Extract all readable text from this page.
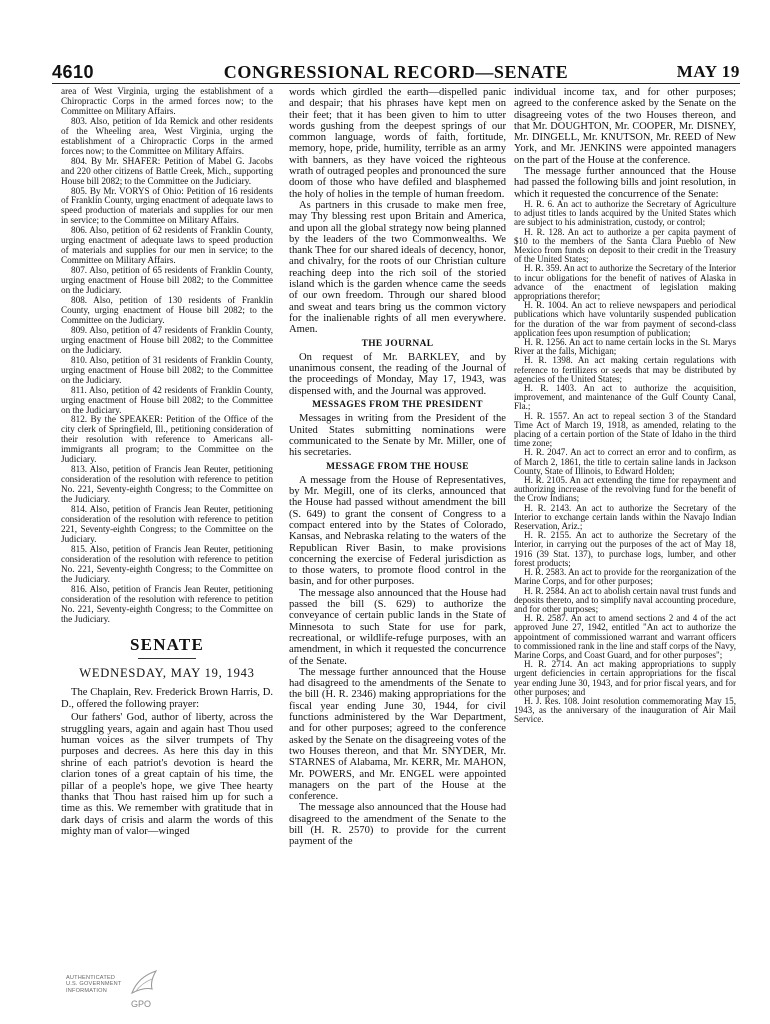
4610	CONGRESSIONAL RECORD—SENATE	MAY 19

area of West Virginia, urging the establishment of a Chiropractic Corps in the armed forces now; to the Committee on Military Affairs.

803. Also, petition of Ida Remick and other residents of the Wheeling area, West Virginia, urging the establishment of a Chiropractic Corps in the armed forces now; to the Committee on Military Affairs.

804. By Mr. SHAFER: Petition of Mabel G. Jacobs and 220 other citizens of Battle Creek, Mich., supporting House bill 2082; to the Committee on the Judiciary.

805. By Mr. VORYS of Ohio: Petition of 16 residents of Franklin County, urging enactment of adequate laws to speed production of materials and supplies for our men in service; to the Committee on Military Affairs.

806. Also, petition of 62 residents of Franklin County, urging enactment of adequate laws to speed production of materials and supplies for our men in service; to the Committee on Military Affairs.

807. Also, petition of 65 residents of Franklin County, urging enactment of House bill 2082; to the Committee on the Judiciary.

808. Also, petition of 130 residents of Franklin County, urging enactment of House bill 2082; to the Committee on the Judiciary.

809. Also, petition of 47 residents of Franklin County, urging enactment of House bill 2082; to the Committee on the Judiciary.

810. Also, petition of 31 residents of Franklin County, urging enactment of House bill 2082; to the Committee on the Judiciary.

811. Also, petition of 42 residents of Franklin County, urging enactment of House bill 2082; to the Committee on the Judiciary.

812. By the SPEAKER: Petition of the Office of the city clerk of Springfield, Ill., petitioning consideration of their resolution with reference to Americans all-immigrants all program; to the Committee on the Judiciary.

813. Also, petition of Francis Jean Reuter, petitioning consideration of the resolution with reference to petition No. 221, Seventy-eighth Congress; to the Committee on the Judiciary.

814. Also, petition of Francis Jean Reuter, petitioning consideration of the resolution with reference to petition 221, Seventy-eighth Congress; to the Committee on the Judiciary.

815. Also, petition of Francis Jean Reuter, petitioning consideration of the resolution with reference to petition No. 221, Seventy-eighth Congress; to the Committee on the Judiciary.

816. Also, petition of Francis Jean Reuter, petitioning consideration of the resolution with reference to petition No. 221, Seventy-eighth Congress; to the Committee on the Judiciary.

SENATE
WEDNESDAY, MAY 19, 1943

The Chaplain, Rev. Frederick Brown Harris, D. D., offered the following prayer:

Our fathers' God, author of liberty, across the struggling years, again and again hast Thou used human voices as the silver trumpets of Thy purposes and decrees. As here this day in this shrine of each patriot's devotion is heard the clarion tones of a great captain of his time, the pillar of a people's hope, we give Thee hearty thanks that Thou hast raised him up for such a time as this. We remember with gratitude that in dark days of crisis and alarm the words of this mighty man of valor—winged

words which girdled the earth—dispelled panic and despair; that his phrases have kept men on their feet; that it has been given to him to utter words gushing from the deepest springs of our common language, words of faith, fortitude, memory, hope, pride, humility, terrible as an army with banners, as they have voiced the righteous wrath of outraged peoples and pronounced the sure doom of those who have defiled and blasphemed the holy of holies in the temple of human freedom.

As partners in this crusade to make men free, may Thy blessing rest upon Britain and America, and upon all the global strategy now being planned by the leaders of the two Commonwealths. We thank Thee for our shared ideals of decency, honor, and chivalry, for the roots of our Christian culture reaching deep into the rich soil of the storied island which is the garden whence came the seeds of our own freedom. Through our shared blood and sweat and tears bring us the common victory for the inalienable rights of all men everywhere. Amen.

THE JOURNAL

On request of Mr. BARKLEY, and by unanimous consent, the reading of the Journal of the proceedings of Monday, May 17, 1943, was dispensed with, and the Journal was approved.

MESSAGES FROM THE PRESIDENT

Messages in writing from the President of the United States submitting nominations were communicated to the Senate by Mr. Miller, one of his secretaries.

MESSAGE FROM THE HOUSE

A message from the House of Representatives, by Mr. Megill, one of its clerks, announced that the House had passed without amendment the bill (S. 649) to grant the consent of Congress to a compact entered into by the States of Colorado, Kansas, and Nebraska relating to the waters of the Republican River Basin, to make provisions concerning the exercise of Federal jurisdiction as to those waters, to promote flood control in the basin, and for other purposes.

The message also announced that the House had passed the bill (S. 629) to authorize the conveyance of certain public lands in the State of Minnesota to such State for use for park, recreational, or wildlife-refuge purposes, with an amendment, in which it requested the concurrence of the Senate.

The message further announced that the House had disagreed to the amendments of the Senate to the bill (H. R. 2346) making appropriations for the fiscal year ending June 30, 1944, for civil functions administered by the War Department, and for other purposes; agreed to the conference asked by the Senate on the disagreeing votes of the two Houses thereon, and that Mr. SNYDER, Mr. STARNES of Alabama, Mr. KERR, Mr. MAHON, Mr. POWERS, and Mr. ENGEL were appointed managers on the part of the House at the conference.

The message also announced that the House had disagreed to the amendment of the Senate to the bill (H. R. 2570) to provide for the current payment of the

individual income tax, and for other purposes; agreed to the conference asked by the Senate on the disagreeing votes of the two Houses thereon, and that Mr. DOUGHTON, Mr. COOPER, Mr. DISNEY, Mr. DINGELL, Mr. KNUTSON, Mr. REED of New York, and Mr. JENKINS were appointed managers on the part of the House at the conference.

The message further announced that the House had passed the following bills and joint resolution, in which it requested the concurrence of the Senate:

H. R. 6. An act to authorize the Secretary of Agriculture to adjust titles to lands acquired by the United States which are subject to his administration, custody, or control;

H. R. 128. An act to authorize a per capita payment of $10 to the members of the Santa Clara Pueblo of New Mexico from funds on deposit to their credit in the Treasury of the United States;

H. R. 359. An act to authorize the Secretary of the Interior to incur obligations for the benefit of natives of Alaska in advance of the enactment of legislation making appropriations therefor;

H. R. 1004. An act to relieve newspapers and periodical publications which have voluntarily suspended publication for the duration of the war from payment of second-class application fees upon resumption of publication;

H. R. 1256. An act to name certain locks in the St. Marys River at the falls, Michigan;

H. R. 1398. An act making certain regulations with reference to fertilizers or seeds that may be distributed by agencies of the United States;

H. R. 1403. An act to authorize the acquisition, improvement, and maintenance of the Gulf County Canal, Fla.;

H. R. 1557. An act to repeal section 3 of the Standard Time Act of March 19, 1918, as amended, relating to the placing of a certain portion of the State of Idaho in the third time zone;

H. R. 2047. An act to correct an error and to confirm, as of March 2, 1861, the title to certain saline lands in Jackson County, State of Illinois, to Edward Holden;

H. R. 2105. An act extending the time for repayment and authorizing increase of the revolving fund for the benefit of the Crow Indians;

H. R. 2143. An act to authorize the Secretary of the Interior to exchange certain lands within the Navajo Indian Reservation, Ariz.;

H. R. 2155. An act to authorize the Secretary of the Interior, in carrying out the purposes of the act of May 18, 1916 (39 Stat. 137), to purchase logs, lumber, and other forest products;

H. R. 2583. An act to provide for the reorganization of the Marine Corps, and for other purposes;

H. R. 2584. An act to abolish certain naval trust funds and deposits thereto, and to simplify naval accounting procedure, and for other purposes;

H. R. 2587. An act to amend sections 2 and 4 of the act approved June 27, 1942, entitled "An act to authorize the appointment of commissioned warrant and warrant officers to commissioned rank in the line and staff corps of the Navy, Marine Corps, and Coast Guard, and for other purposes";

H. R. 2714. An act making appropriations to supply urgent deficiencies in certain appropriations for the fiscal year ending June 30, 1943, and for prior fiscal years, and for other purposes; and

H. J. Res. 108. Joint resolution commemorating May 15, 1943, as the anniversary of the inauguration of Air Mail Service.

AUTHENTICATED
U.S. GOVERNMENT
INFORMATION
GPO
